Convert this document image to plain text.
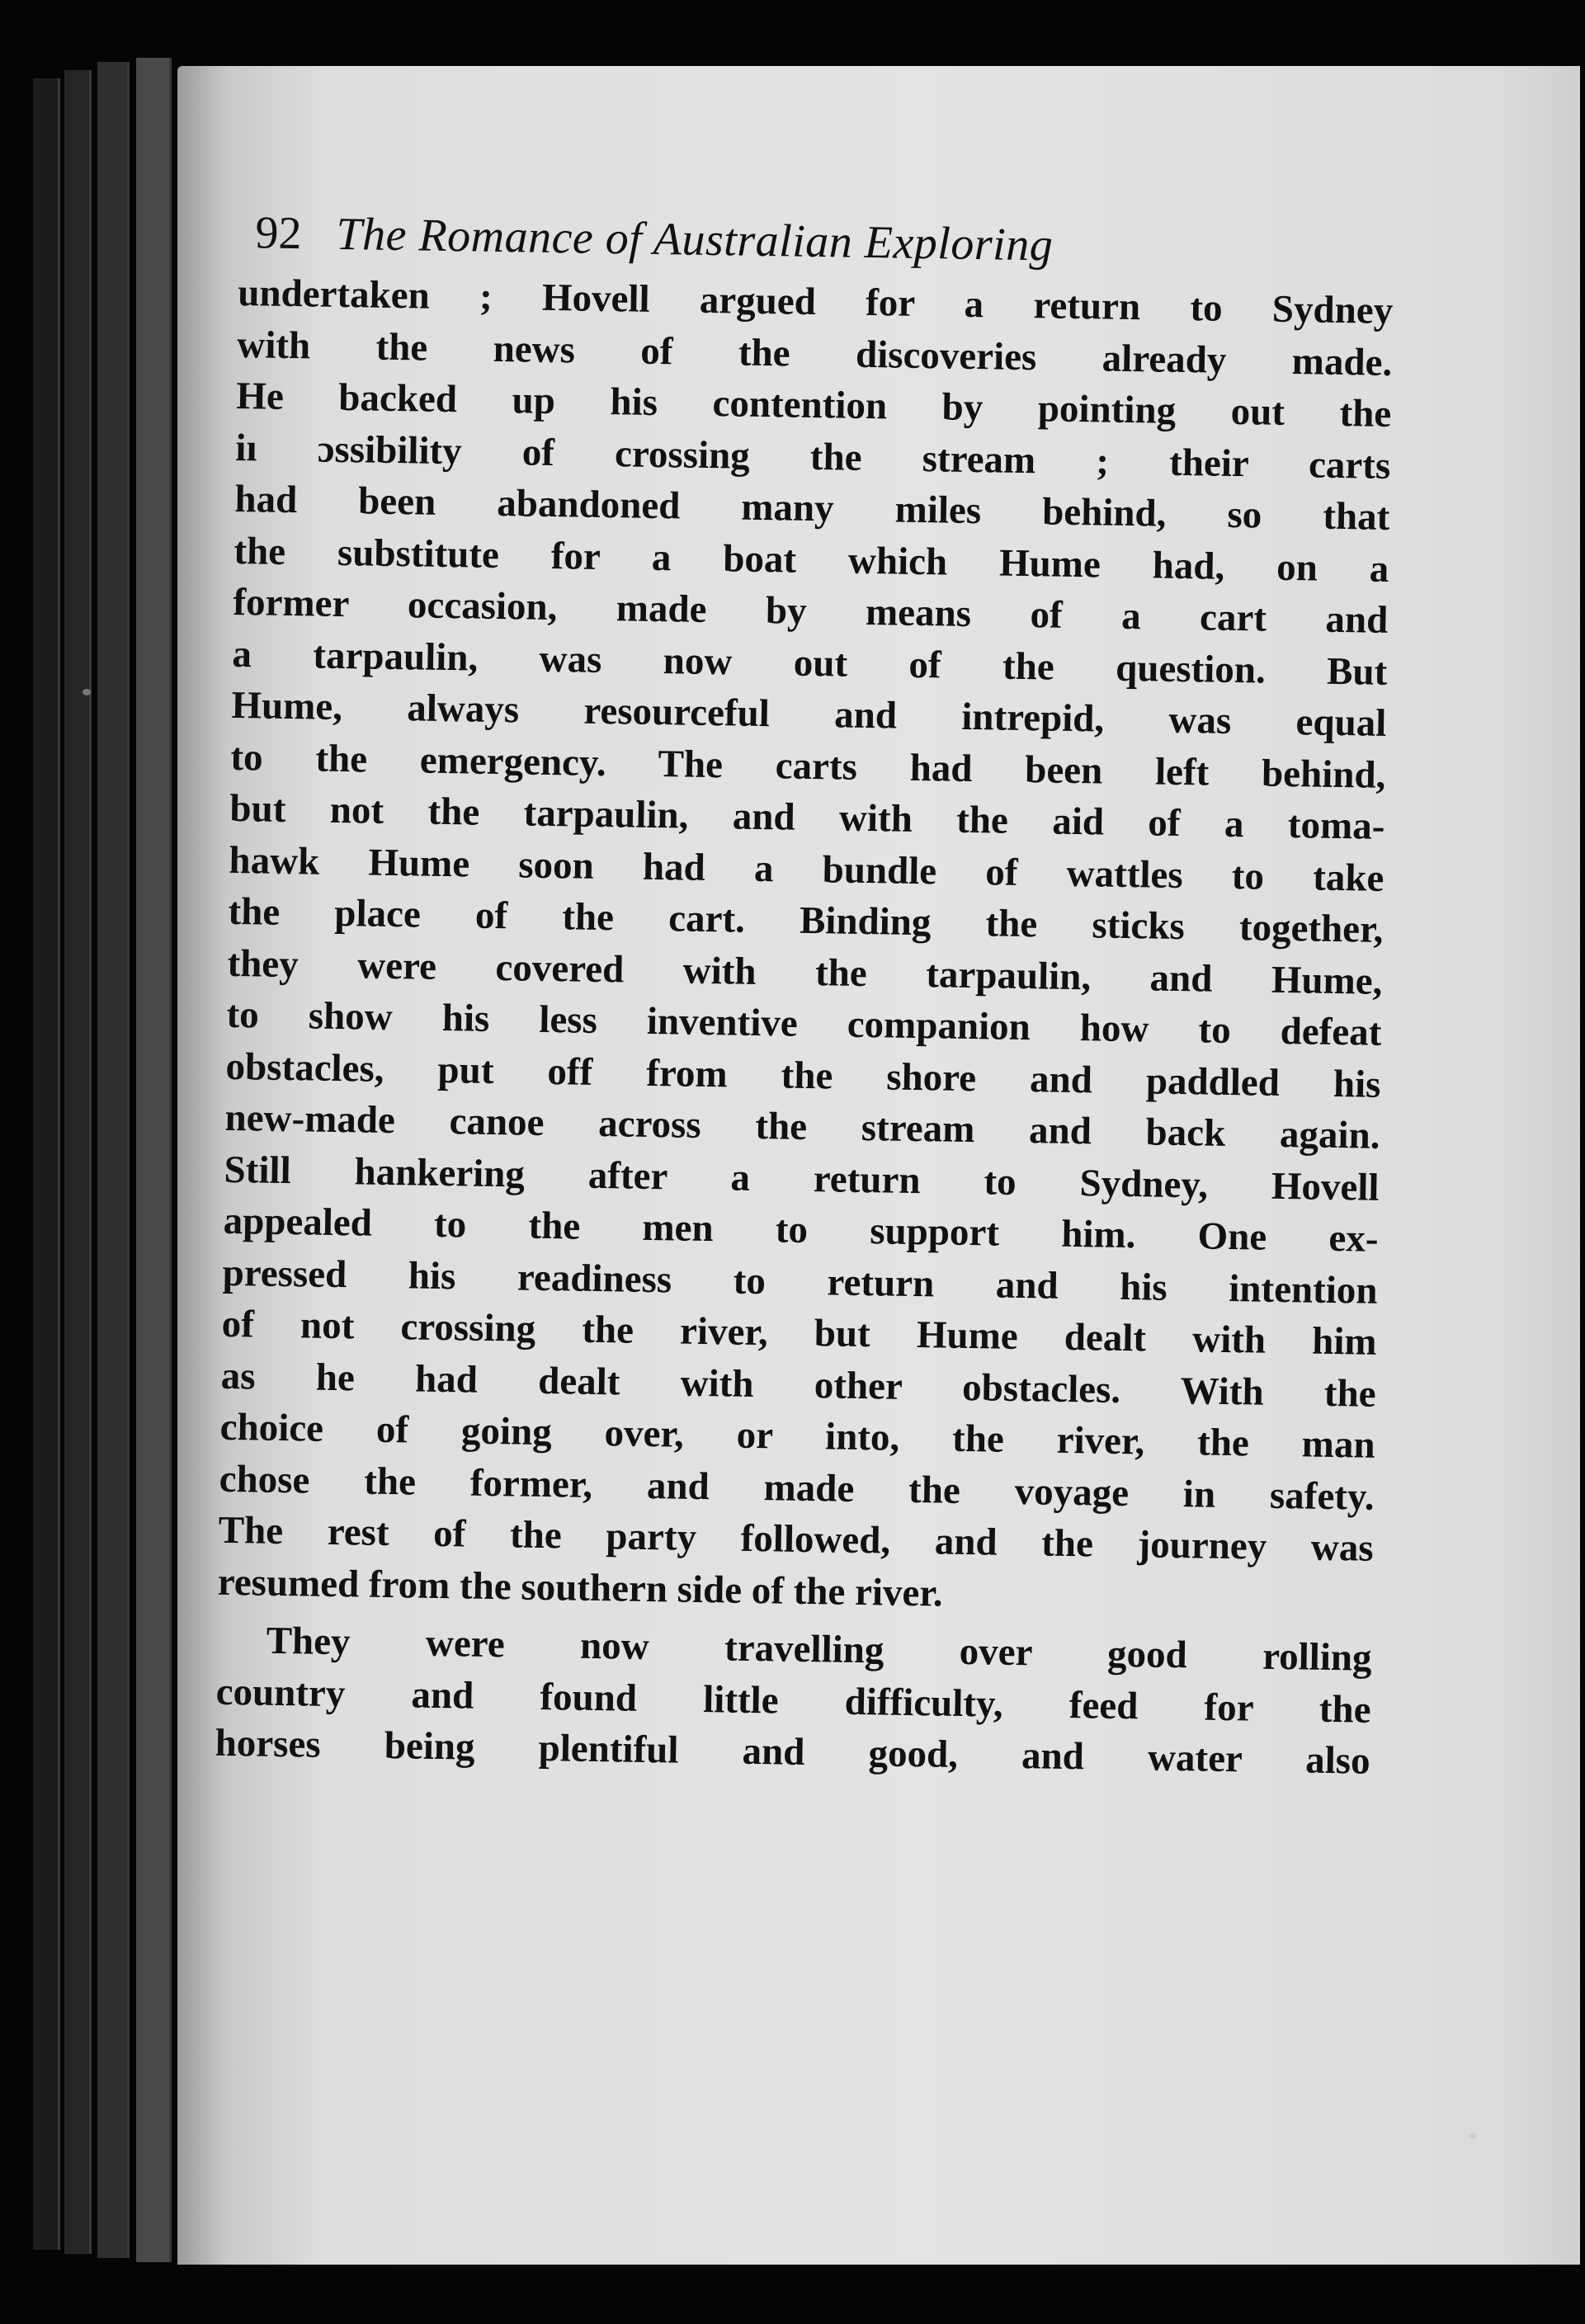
92 The Romance of Australian Exploring

undertaken ; Hovell argued for a return to Sydney
with the news of the discoveries already made.
He backed up his contention by pointing out the
iı ɔssibility of crossing the stream ; their carts
had been abandoned many miles behind, so that
the substitute for a boat which Hume had, on a
former occasion, made by means of a cart and
a tarpaulin, was now out of the question. But
Hume, always resourceful and intrepid, was equal
to the emergency. The carts had been left behind,
but not the tarpaulin, and with the aid of a toma-
hawk Hume soon had a bundle of wattles to take
the place of the cart. Binding the sticks together,
they were covered with the tarpaulin, and Hume,
to show his less inventive companion how to defeat
obstacles, put off from the shore and paddled his
new-made canoe across the stream and back again.
Still hankering after a return to Sydney, Hovell
appealed to the men to support him. One ex-
pressed his readiness to return and his intention
of not crossing the river, but Hume dealt with him
as he had dealt with other obstacles. With the
choice of going over, or into, the river, the man
chose the former, and made the voyage in safety.
The rest of the party followed, and the journey was
resumed from the southern side of the river.

They were now travelling over good rolling
country and found little difficulty, feed for the
horses being plentiful and good, and water also
